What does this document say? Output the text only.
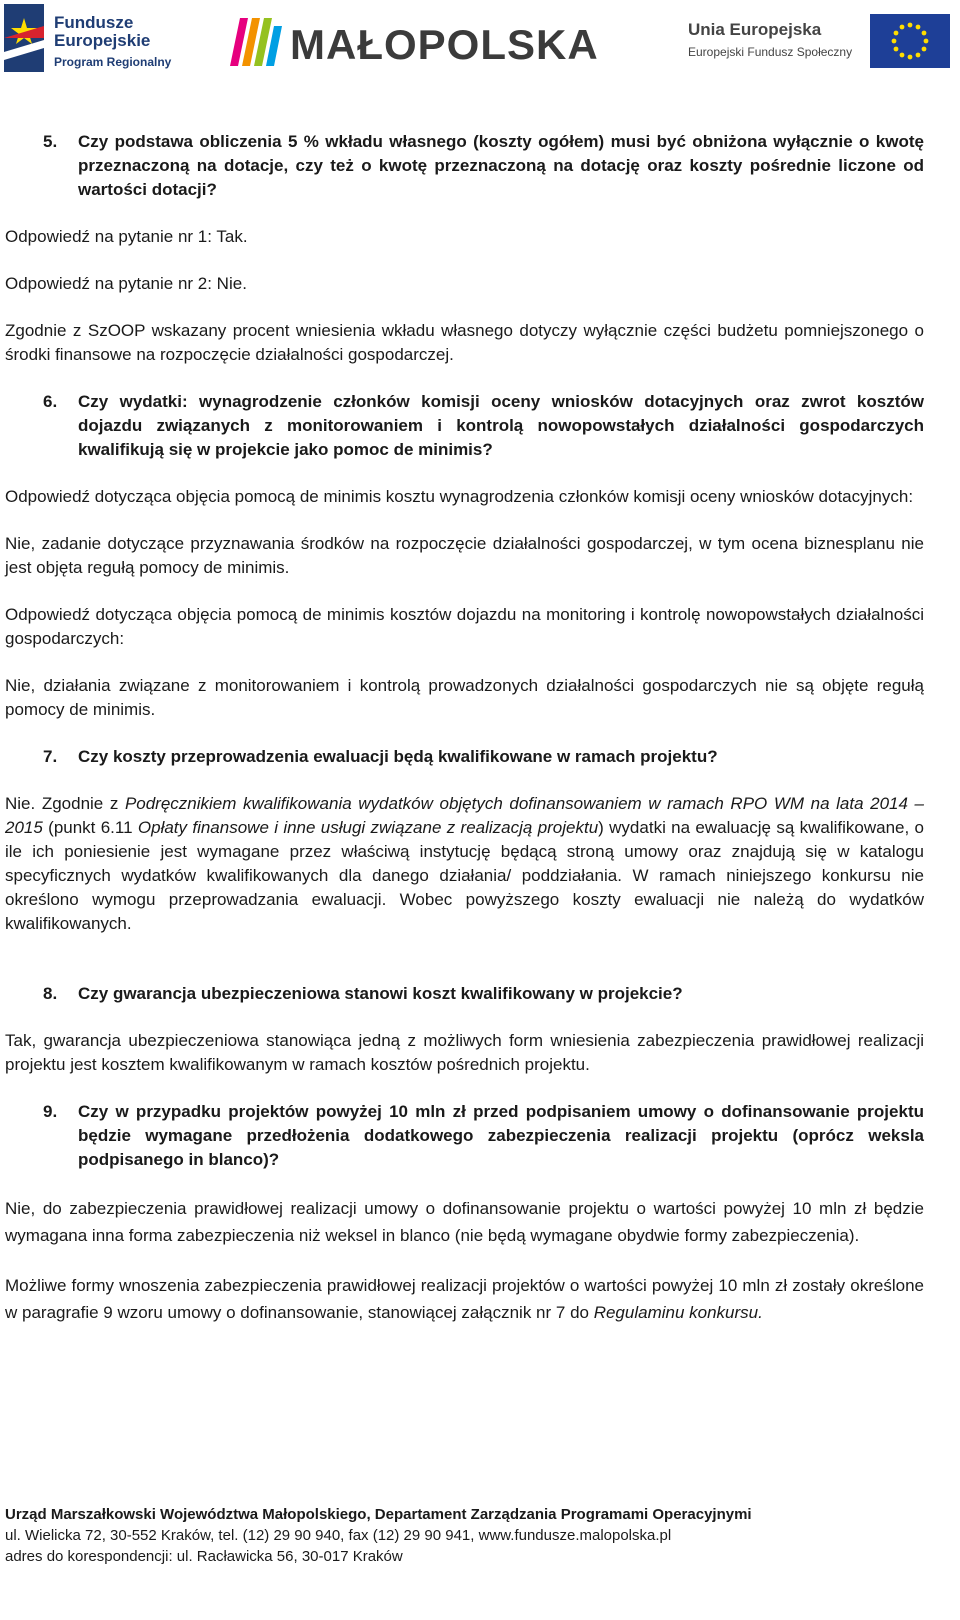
Fundusze
Europejskie
Program Regionalny	MAŁOPOLSKA	Unia Europejska
Europejski Fundusz Społeczny
5.	Czy podstawa obliczenia 5 % wkładu własnego (koszty ogółem) musi być obniżona wyłącznie o kwotę przeznaczoną na dotacje, czy też o kwotę przeznaczoną na dotację oraz koszty pośrednie liczone od wartości dotacji?

Odpowiedź na pytanie nr 1: Tak.

Odpowiedź na pytanie nr 2: Nie.

Zgodnie z SzOOP wskazany procent wniesienia wkładu własnego dotyczy wyłącznie części budżetu pomniejszonego o środki finansowe na rozpoczęcie działalności gospodarczej.

6.	Czy wydatki: wynagrodzenie członków komisji oceny wniosków dotacyjnych oraz zwrot kosztów dojazdu związanych z monitorowaniem i kontrolą nowopowstałych działalności gospodarczych kwalifikują się w projekcie jako pomoc de minimis?

Odpowiedź dotycząca objęcia pomocą de minimis kosztu wynagrodzenia członków komisji oceny wniosków dotacyjnych:

Nie, zadanie dotyczące przyznawania środków na rozpoczęcie działalności gospodarczej, w tym ocena biznesplanu nie jest objęta regułą pomocy de minimis.

Odpowiedź dotycząca objęcia pomocą de minimis kosztów dojazdu na monitoring i kontrolę nowopowstałych działalności gospodarczych:

Nie, działania związane z monitorowaniem i kontrolą prowadzonych działalności gospodarczych nie są objęte regułą pomocy de minimis.

7.	Czy koszty przeprowadzenia ewaluacji będą kwalifikowane w ramach projektu?

Nie. Zgodnie z Podręcznikiem kwalifikowania wydatków objętych dofinansowaniem w ramach RPO WM na lata 2014 – 2015 (punkt 6.11 Opłaty finansowe i inne usługi związane z realizacją projektu) wydatki na ewaluację są kwalifikowane, o ile ich poniesienie jest wymagane przez właściwą instytucję będącą stroną umowy oraz znajdują się w katalogu specyficznych wydatków kwalifikowanych dla danego działania/ poddziałania. W ramach niniejszego konkursu nie określono wymogu przeprowadzania ewaluacji. Wobec powyższego koszty ewaluacji nie należą do wydatków kwalifikowanych.

8.	Czy gwarancja ubezpieczeniowa stanowi koszt kwalifikowany w projekcie?

Tak, gwarancja ubezpieczeniowa stanowiąca jedną z możliwych form wniesienia zabezpieczenia prawidłowej realizacji projektu jest kosztem kwalifikowanym w ramach kosztów pośrednich projektu.

9.	Czy w przypadku projektów powyżej 10 mln zł przed podpisaniem umowy o dofinansowanie projektu będzie wymagane przedłożenia dodatkowego zabezpieczenia realizacji projektu (oprócz weksla podpisanego in blanco)?

Nie, do zabezpieczenia prawidłowej realizacji umowy o dofinansowanie projektu o wartości powyżej 10 mln zł będzie wymagana inna forma zabezpieczenia niż weksel in blanco (nie będą wymagane obydwie formy zabezpieczenia).

Możliwe formy wnoszenia zabezpieczenia prawidłowej realizacji projektów o wartości powyżej 10 mln zł zostały określone w paragrafie 9 wzoru umowy o dofinansowanie, stanowiącej załącznik nr 7 do Regulaminu konkursu.

Urząd Marszałkowski Województwa Małopolskiego, Departament Zarządzania Programami Operacyjnymi
ul. Wielicka 72, 30-552 Kraków, tel. (12) 29 90 940, fax (12) 29 90 941, www.fundusze.malopolska.pl
adres do korespondencji: ul. Racławicka 56, 30-017 Kraków
